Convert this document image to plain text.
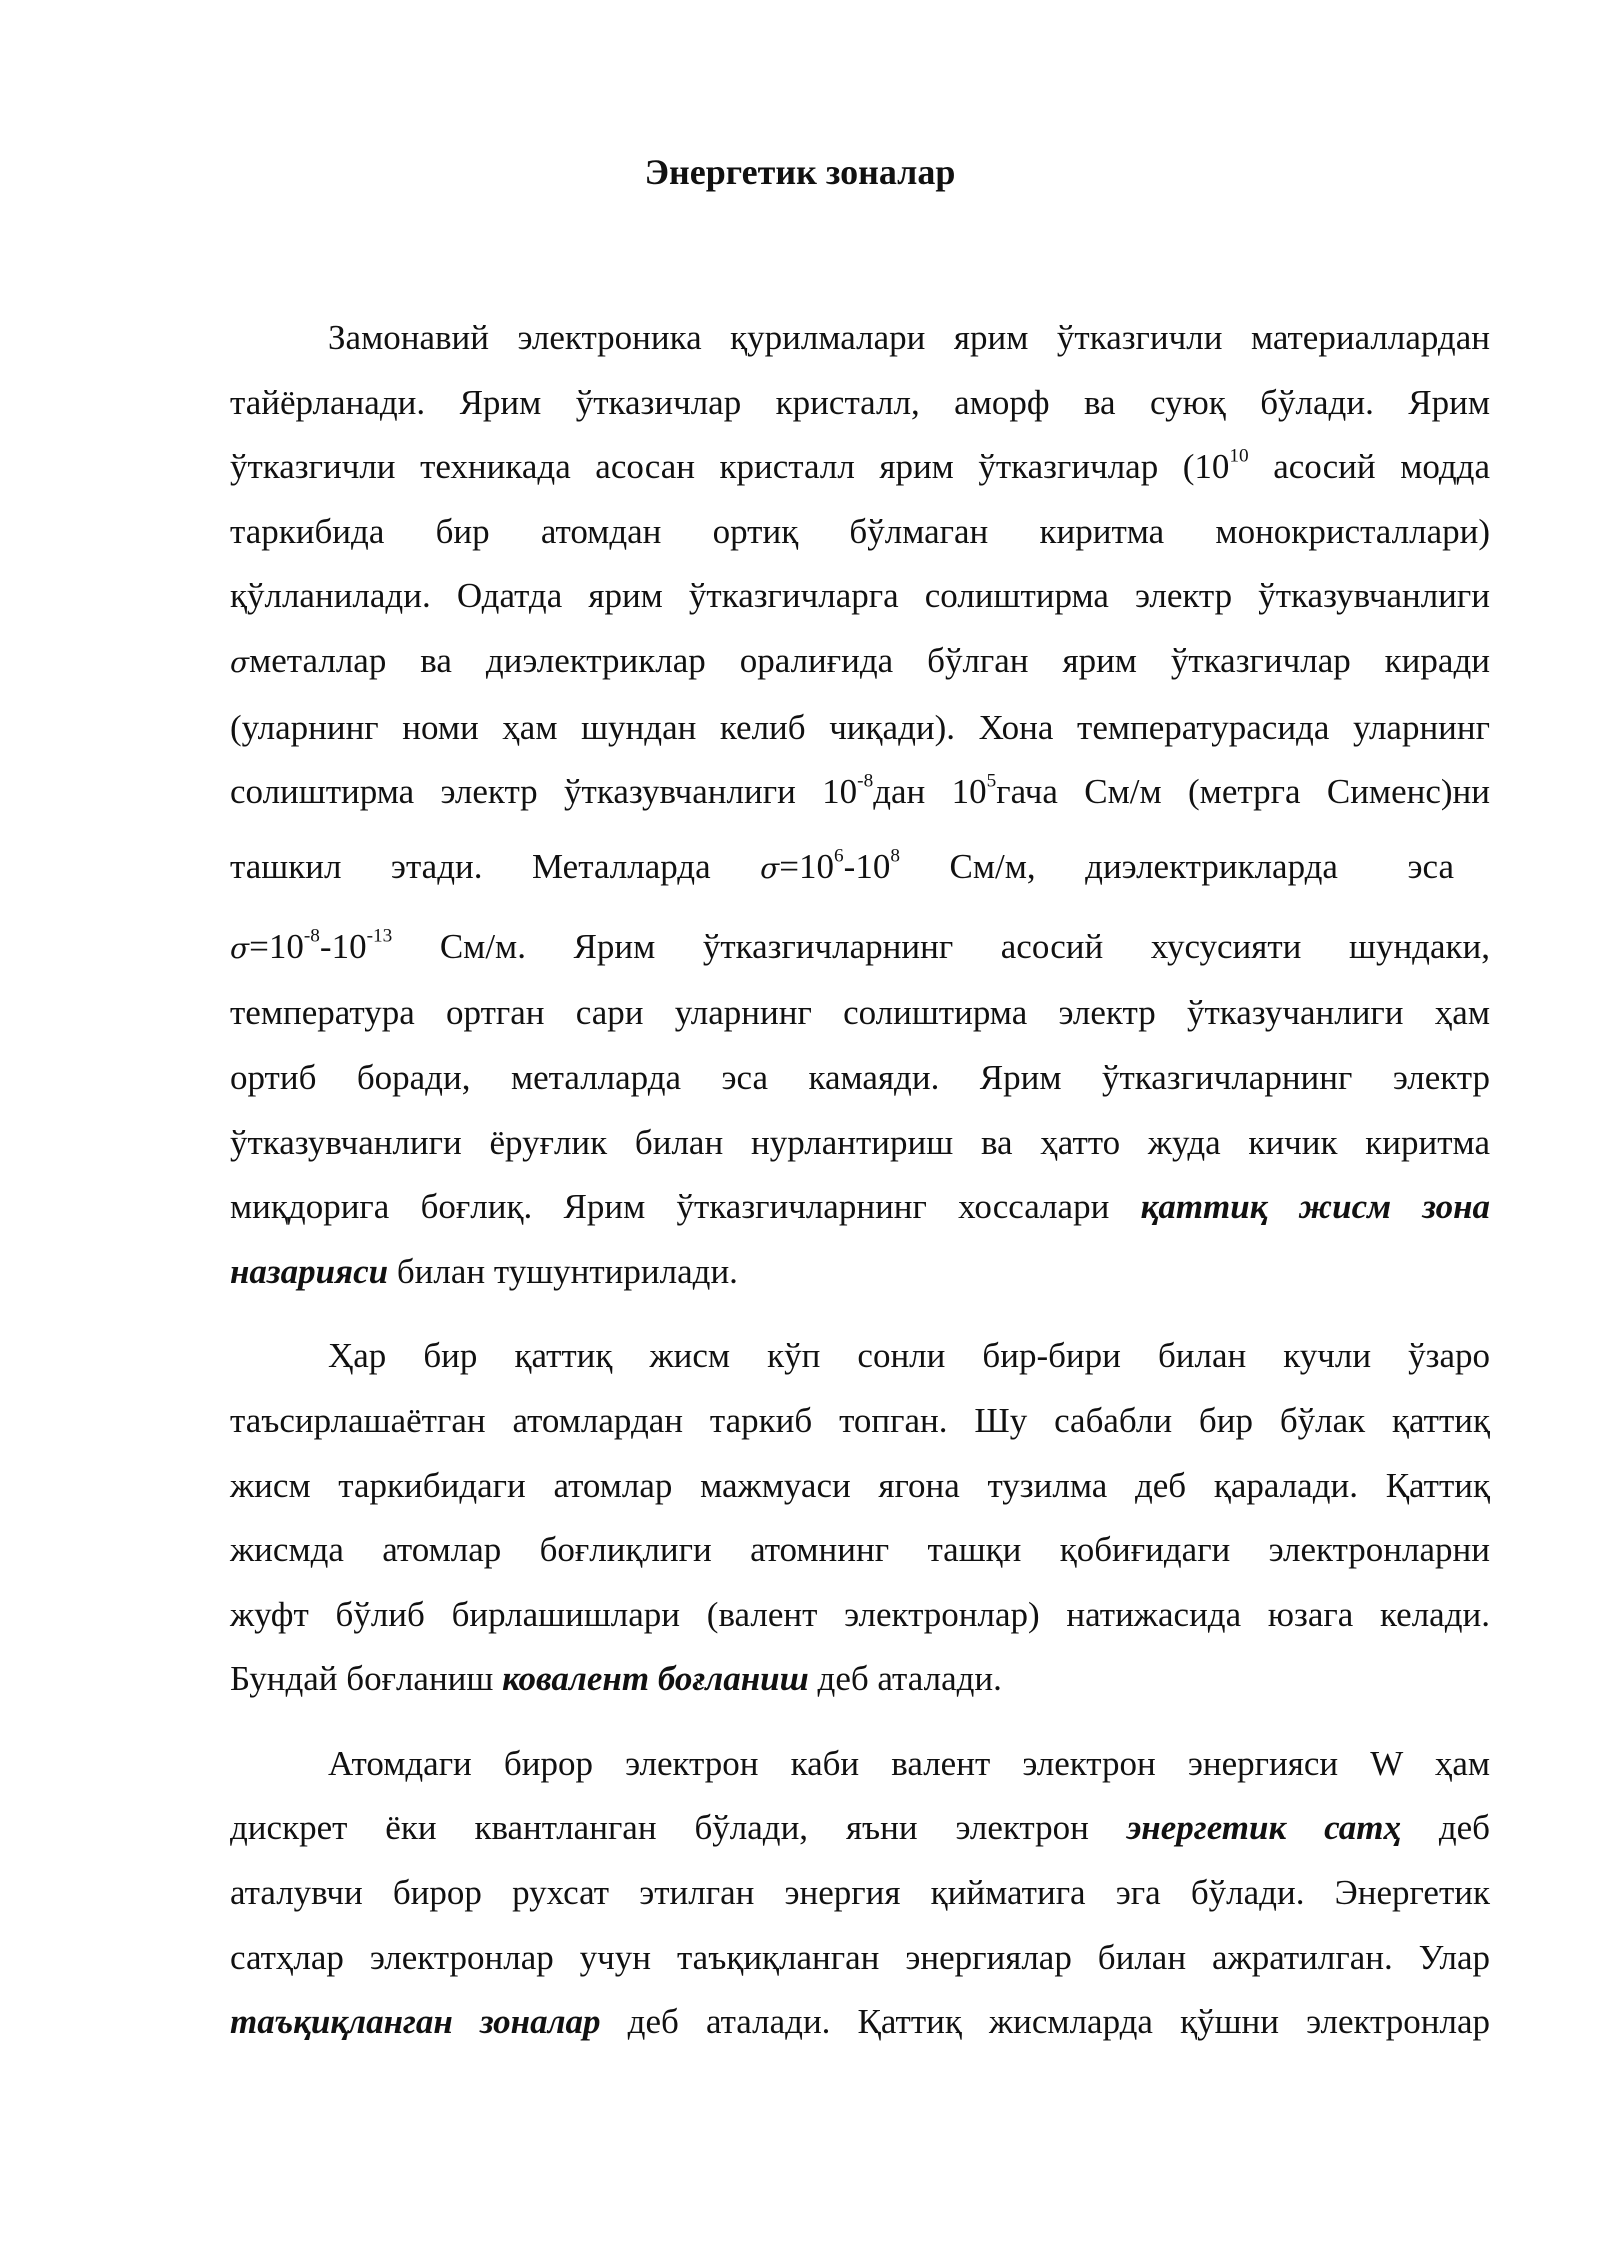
Энергетик зоналар
Замонавий электроника қурилмалари ярим ўтказгичли материаллардан
тайёрланади. Ярим ўтказичлар кристалл, аморф ва суюқ бўлади. Ярим
ўтказгичли техникада асосан кристалл ярим ўтказгичлар ($10^{10}$ асосий модда
таркибида бир атомдан ортиқ бўлмаган киритма монокристаллари)
қўлланилади. Одатда ярим ўтказгичларга солиштирма электр ўтказувчанлиги
σметаллар ва диэлектриклар оралиғида бўлган ярим ўтказгичлар киради
(уларнинг номи ҳам шундан келиб чиқади). Хона температурасида уларнинг
солиштирма электр ўтказувчанлиги $10^{-8}дан$ $10^5гача$ См/м (метрга Сименс)ни
ташкил этади. Металларда $\sigma=10^6-10^8$ См/м, диэлектрикларда эса
$\sigma=10^{-8}-10^{-13}$ См/м. Ярим ўтказгичларнинг асосий хусусияти шундаки,
температура ортган сари уларнинг солиштирма электр ўтказучанлиги ҳам
ортиб боради, металларда эса камаяди. Ярим ўтказгичларнинг электр
ўтказувчанлиги ёруғлик билан нурлантириш ва ҳатто жуда кичик киритма
миқдорига боғлиқ. Ярим ўтказгичларнинг хоссалари қаттиқ жисм зона
назарияси билан тушунтирилади.
Ҳар бир қаттиқ жисм кўп сонли бир-бири билан кучли ўзаро
таъсирлашаётган атомлардан таркиб топган. Шу сабабли бир бўлак қаттиқ
жисм таркибидаги атомлар мажмуаси ягона тузилма деб қаралади. Қаттиқ
жисмда атомлар боғлиқлиги атомнинг ташқи қобиғидаги электронларни
жуфт бўлиб бирлашишлари (валент электронлар) натижасида юзага келади.
Бундай боғланиш ковалент боғланиш деб аталади.
Атомдаги бирор электрон каби валент электрон энергияси W ҳам
дискрет ёки квантланган бўлади, яъни электрон энергетик сатҳ деб
аталувчи бирор рухсат этилган энергия қийматига эга бўлади. Энергетик
сатҳлар электронлар учун таъқиқланган энергиялар билан ажратилган. Улар
таъқиқланган зоналар деб аталади. Қаттиқ жисмларда қўшни электронлар
